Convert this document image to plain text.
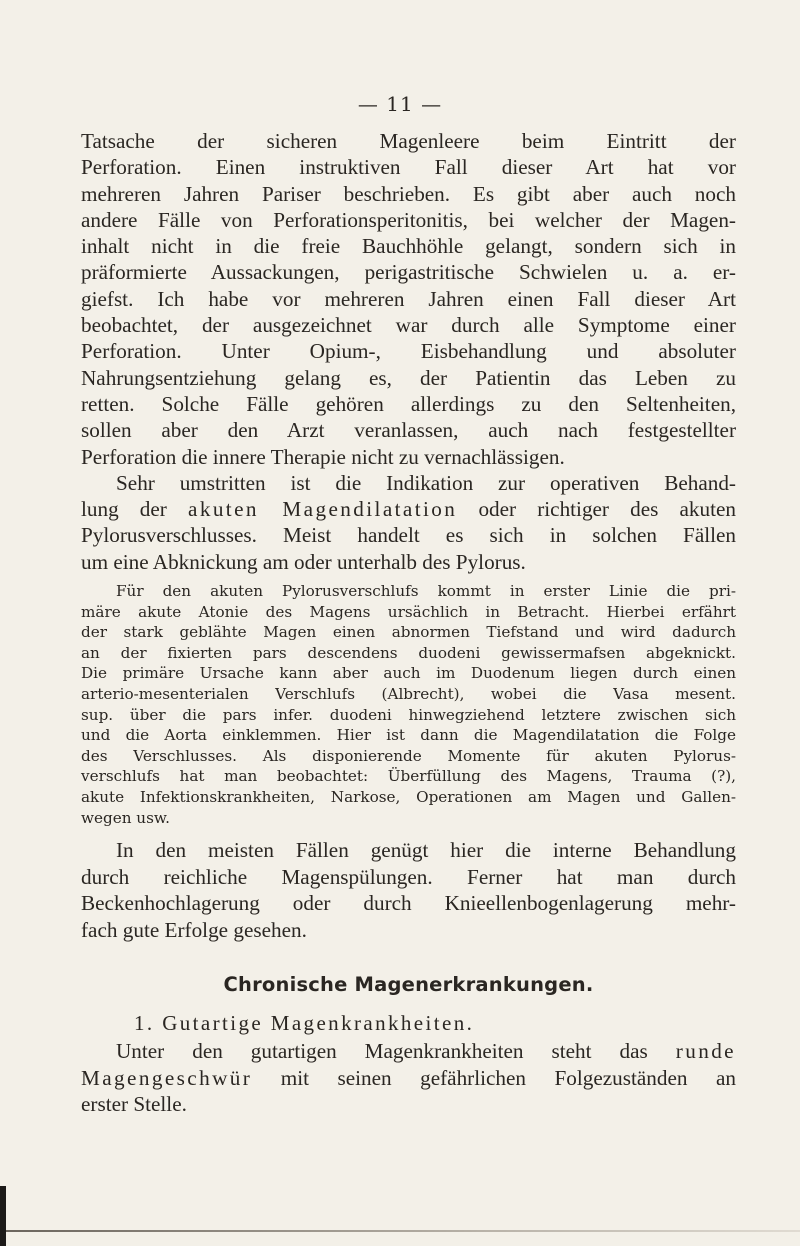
— 11 —

Tatsache der sicheren Magenleere beim Eintritt der
Perforation. Einen instruktiven Fall dieser Art hat vor
mehreren Jahren Pariser beschrieben. Es gibt aber auch noch
andere Fälle von Perforationsperitonitis, bei welcher der Magen-
inhalt nicht in die freie Bauchhöhle gelangt, sondern sich in
präformierte Aussackungen, perigastritische Schwielen u. a. er-
giefst. Ich habe vor mehreren Jahren einen Fall dieser Art
beobachtet, der ausgezeichnet war durch alle Symptome einer
Perforation. Unter Opium-, Eisbehandlung und absoluter
Nahrungsentziehung gelang es, der Patientin das Leben zu
retten. Solche Fälle gehören allerdings zu den Seltenheiten,
sollen aber den Arzt veranlassen, auch nach festgestellter
Perforation die innere Therapie nicht zu vernachlässigen.

Sehr umstritten ist die Indikation zur operativen Behand-
lung der akuten Magendilatation oder richtiger des akuten
Pylorusverschlusses. Meist handelt es sich in solchen Fällen
um eine Abknickung am oder unterhalb des Pylorus.

Für den akuten Pylorusverschlufs kommt in erster Linie die pri-
märe akute Atonie des Magens ursächlich in Betracht. Hierbei erfährt
der stark geblähte Magen einen abnormen Tiefstand und wird dadurch
an der fixierten pars descendens duodeni gewissermafsen abgeknickt.
Die primäre Ursache kann aber auch im Duodenum liegen durch einen
arterio-mesenterialen Verschlufs (Albrecht), wobei die Vasa mesent.
sup. über die pars infer. duodeni hinwegziehend letztere zwischen sich
und die Aorta einklemmen. Hier ist dann die Magendilatation die Folge
des Verschlusses. Als disponierende Momente für akuten Pylorus-
verschlufs hat man beobachtet: Überfüllung des Magens, Trauma (?),
akute Infektionskrankheiten, Narkose, Operationen am Magen und Gallen-
wegen usw.

In den meisten Fällen genügt hier die interne Behandlung
durch reichliche Magenspülungen. Ferner hat man durch
Beckenhochlagerung oder durch Knieellenbogenlagerung mehr-
fach gute Erfolge gesehen.

Chronische Magenerkrankungen.
1. Gutartige Magenkrankheiten.

Unter den gutartigen Magenkrankheiten steht das runde
Magengeschwür mit seinen gefährlichen Folgezuständen an
erster Stelle.
